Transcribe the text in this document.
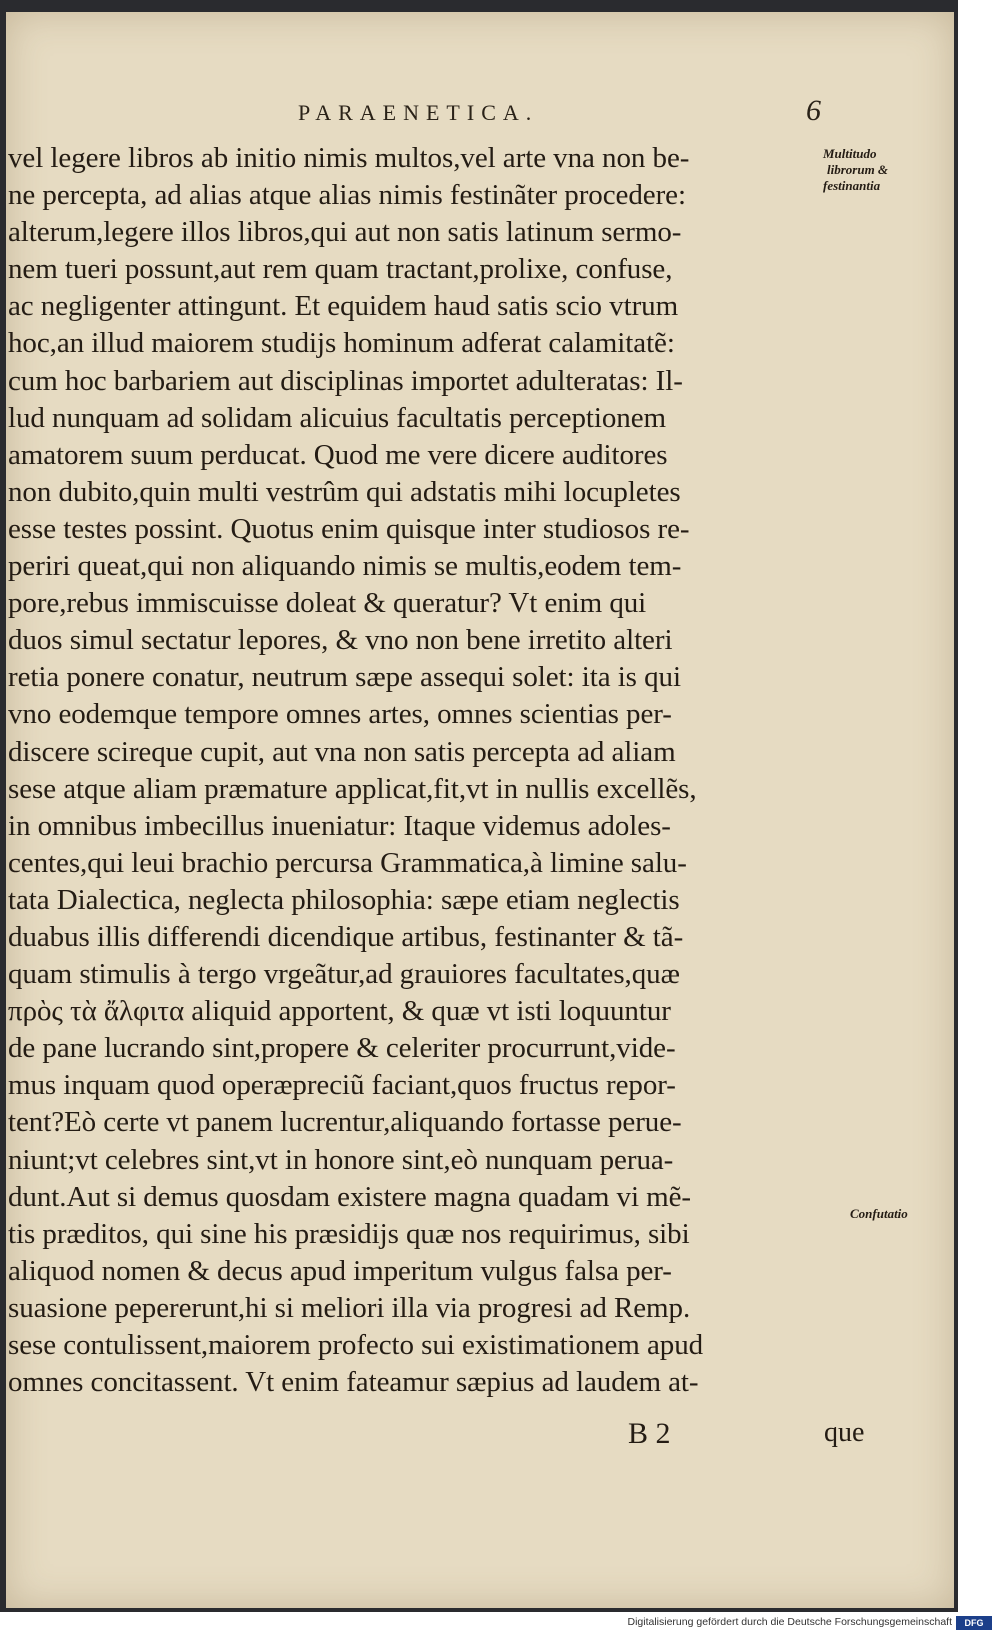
PARAENETICA.	6
vel legere libros ab initio nimis multos,vel arte vna non be-
ne percepta, ad alias atque alias nimis festinãter procedere:
alterum,legere illos libros,qui aut non satis latinum sermo-
nem tueri possunt,aut rem quam tractant,prolixe, confuse,
ac negligenter attingunt. Et equidem haud satis scio vtrum
hoc,an illud maiorem studijs hominum adferat calamitatẽ:
cum hoc barbariem aut disciplinas importet adulteratas: Il-
lud nunquam ad solidam alicuius facultatis perceptionem
amatorem suum perducat. Quod me vere dicere auditores
non dubito,quin multi vestrûm qui adstatis mihi locupletes
esse testes possint. Quotus enim quisque inter studiosos re-
periri queat,qui non aliquando nimis se multis,eodem tem-
pore,rebus immiscuisse doleat & queratur? Vt enim qui
duos simul sectatur lepores, & vno non bene irretito alteri
retia ponere conatur, neutrum sæpe assequi solet: ita is qui
vno eodemque tempore omnes artes, omnes scientias per-
discere scireque cupit, aut vna non satis percepta ad aliam
sese atque aliam præmature applicat,fit,vt in nullis excellẽs,
in omnibus imbecillus inueniatur: Itaque videmus adoles-
centes,qui leui brachio percursa Grammatica,à limine salu-
tata Dialectica, neglecta philosophia: sæpe etiam neglectis
duabus illis differendi dicendique artibus, festinanter & tã-
quam stimulis à tergo vrgeãtur,ad grauiores facultates,quæ
πρὸς τὰ ἄλφιτα aliquid apportent, & quæ vt isti loquuntur
de pane lucrando sint,propere & celeriter procurrunt,vide-
mus inquam quod operæpreciũ faciant,quos fructus repor-
tent?Eò certe vt panem lucrentur,aliquando fortasse perue-
niunt;vt celebres sint,vt in honore sint,eò nunquam perua-
dunt.Aut si demus quosdam existere magna quadam vi mẽ-
tis præditos, qui sine his præsidijs quæ nos requirimus, sibi
aliquod nomen & decus apud imperitum vulgus falsa per-
suasione pepererunt,hi si meliori illa via progresi ad Remp.
sese contulissent,maiorem profecto sui existimationem apud
omnes concitassent. Vt enim fateamur sæpius ad laudem at-
Multitudo
librorum &
festinantia
Confutatio
B 2	que
Digitalisierung gefördert durch die Deutsche Forschungsgemeinschaft	DFG
